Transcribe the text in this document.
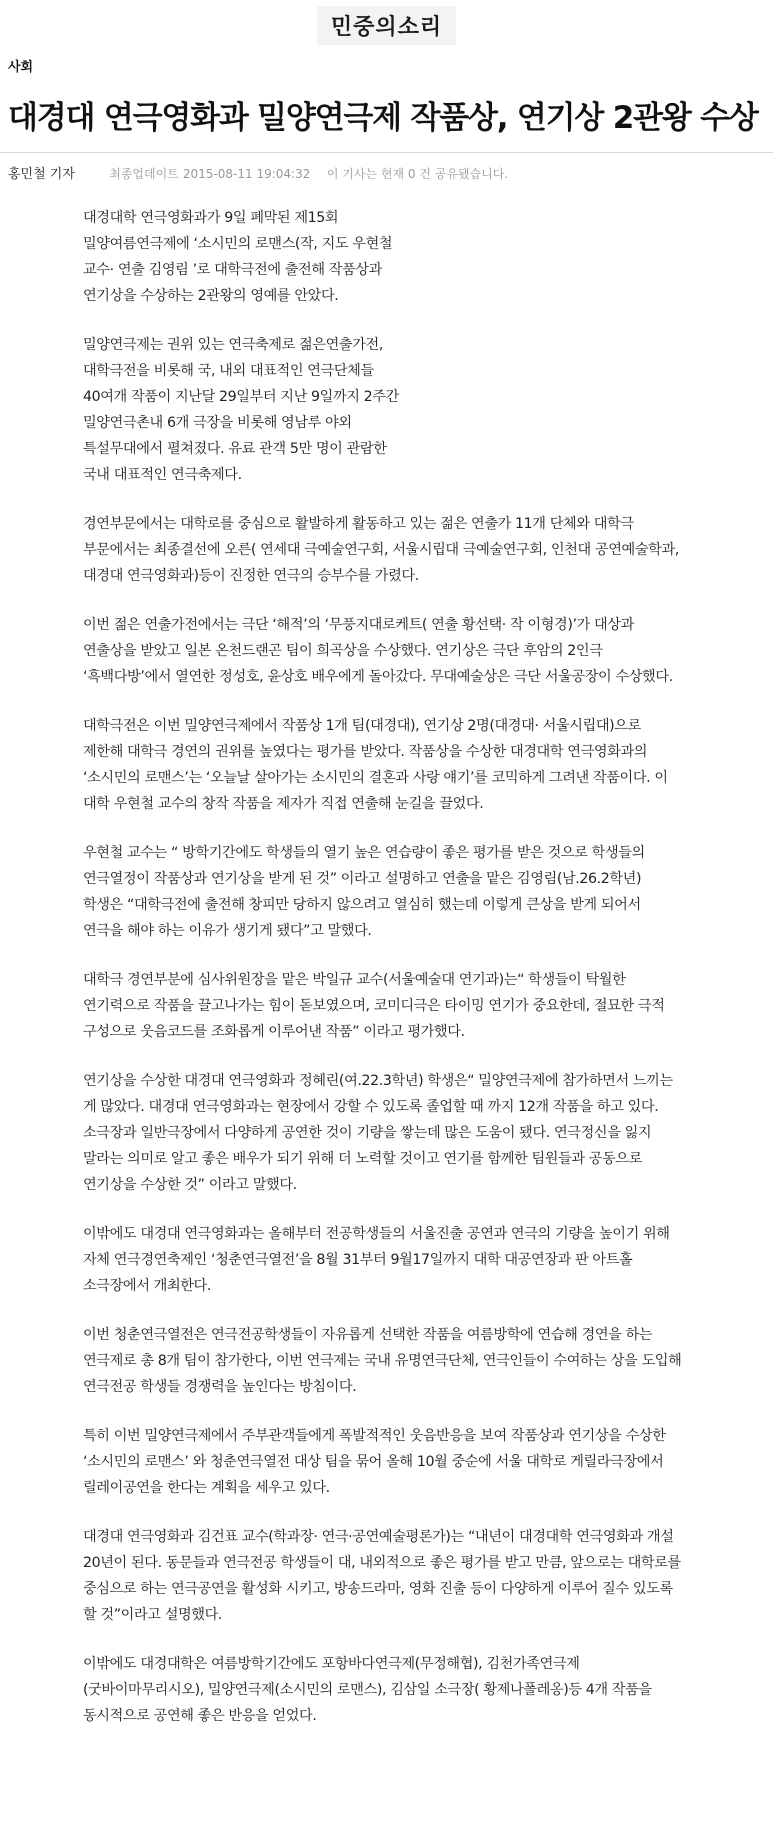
민중의소리
사회
대경대 연극영화과 밀양연극제 작품상, 연기상 2관왕 수상
홍민철 기자	최종업데이트 2015-08-11 19:04:32 이 기사는 현재 0 건 공유됐습니다.

대경대학 연극영화과가 9일 폐막된 제15회 밀양여름연극제에 ‘소시민의 로맨스(작, 지도 우현철 교수· 연출 김영림 ’로 대학극전에 출전해 작품상과 연기상을 수상하는 2관왕의 영예를 안았다.

밀양연극제는 권위 있는 연극축제로 젊은연출가전, 대학극전을 비롯해 국, 내외 대표적인 연극단체들 40여개 작품이 지난달 29일부터 지난 9일까지 2주간 밀양연극촌내 6개 극장을 비롯해 영남루 야외 특설무대에서 펼쳐졌다. 유료 관객 5만 명이 관람한 국내 대표적인 연극축제다.

경연부문에서는 대학로를 중심으로 활발하게 활동하고 있는 젊은 연출가 11개 단체와 대학극 부문에서는 최종결선에 오른( 연세대 극예술연구회, 서울시립대 극예술연구회, 인천대 공연예술학과, 대경대 연극영화과)등이 진정한 연극의 승부수를 가렸다.

이번 젊은 연출가전에서는 극단 ‘해적’의 ‘무풍지대로케트( 연출 황선택· 작 이형경)’가 대상과 연출상을 받았고 일본 온천드랜곤 팀이 희곡상을 수상했다. 연기상은 극단 후암의 2인극 ‘흑백다방’에서 열연한 정성호, 윤상호 배우에게 돌아갔다. 무대예술상은 극단 서울공장이 수상했다.

대학극전은 이번 밀양연극제에서 작품상 1개 팀(대경대), 연기상 2명(대경대· 서울시립대)으로 제한해 대학극 경연의 권위를 높였다는 평가를 받았다. 작품상을 수상한 대경대학 연극영화과의 ‘소시민의 로맨스’는 ‘오늘날 살아가는 소시민의 결혼과 사랑 얘기’를 코믹하게 그려낸 작품이다. 이 대학 우현철 교수의 창작 작품을 제자가 직접 연출해 눈길을 끌었다.

우현철 교수는 “ 방학기간에도 학생들의 열기 높은 연습량이 좋은 평가를 받은 것으로 학생들의 연극열정이 작품상과 연기상을 받게 된 것” 이라고 설명하고 연출을 맡은 김영림(남.26.2학년) 학생은 “대학극전에 출전해 창피만 당하지 않으려고 열심히 했는데 이렇게 큰상을 받게 되어서 연극을 해야 하는 이유가 생기게 됐다”고 말했다.

대학극 경연부분에 심사위원장을 맡은 박일규 교수(서울예술대 연기과)는“ 학생들이 탁월한 연기력으로 작품을 끌고나가는 힘이 돋보였으며, 코미디극은 타이밍 연기가 중요한데, 절묘한 극적 구성으로 웃음코드를 조화롭게 이루어낸 작품” 이라고 평가했다.

연기상을 수상한 대경대 연극영화과 정혜린(여.22.3학년) 학생은“ 밀양연극제에 참가하면서 느끼는 게 많았다. 대경대 연극영화과는 현장에서 강할 수 있도록 졸업할 때 까지 12개 작품을 하고 있다. 소극장과 일반극장에서 다양하게 공연한 것이 기량을 쌓는데 많은 도움이 됐다. 연극정신을 잃지 말라는 의미로 알고 좋은 배우가 되기 위해 더 노력할 것이고 연기를 함께한 팀원들과 공동으로 연기상을 수상한 것” 이라고 말했다.

이밖에도 대경대 연극영화과는 올해부터 전공학생들의 서울진출 공연과 연극의 기량을 높이기 위해 자체 연극경연축제인 ‘청춘연극열전’을 8월 31부터 9월17일까지 대학 대공연장과 판 아트홀 소극장에서 개최한다.

이번 청춘연극열전은 연극전공학생들이 자유롭게 선택한 작품을 여름방학에 연습해 경연을 하는 연극제로 총 8개 팀이 참가한다, 이번 연극제는 국내 유명연극단체, 연극인들이 수여하는 상을 도입해 연극전공 학생들 경쟁력을 높인다는 방침이다.

특히 이번 밀양연극제에서 주부관객들에게 폭발적적인 웃음반응을 보여 작품상과 연기상을 수상한 ‘소시민의 로맨스’ 와 청춘연극열전 대상 팀을 묶어 올해 10월 중순에 서울 대학로 게릴라극장에서 릴레이공연을 한다는 계획을 세우고 있다.

대경대 연극영화과 김건표 교수(학과장· 연극·공연예술평론가)는 “내년이 대경대학 연극영화과 개설 20년이 된다. 동문들과 연극전공 학생들이 대, 내외적으로 좋은 평가를 받고 만큼, 앞으로는 대학로를 중심으로 하는 연극공연을 활성화 시키고, 방송드라마, 영화 진출 등이 다양하게 이루어 질수 있도록 할 것”이라고 설명했다.

이밖에도 대경대학은 여름방학기간에도 포항바다연극제(무정해협), 김천가족연극제(굿바이마무리시오), 밀양연극제(소시민의 로맨스), 김삼일 소극장( 황제나폴레옹)등 4개 작품을 동시적으로 공연해 좋은 반응을 얻었다.
